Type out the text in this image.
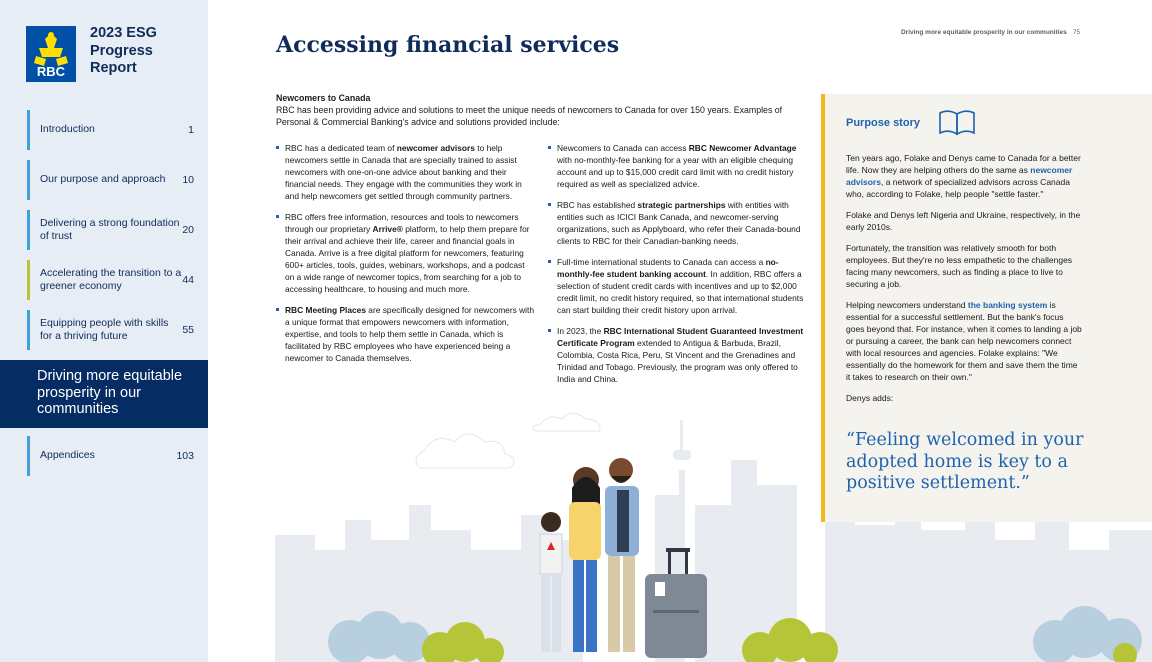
RBC
2023 ESG Progress Report
Introduction	1
Our purpose and approach	10
Delivering a strong foundation of trust	20
Accelerating the transition to a greener economy	44
Equipping people with skills for a thriving future	55
Driving more equitable prosperity in our communities
Appendices	103
Accessing financial services	Driving more equitable prosperity in our communities 75
Newcomers to Canada
RBC has been providing advice and solutions to meet the unique needs of newcomers to Canada for over 150 years. Examples of Personal & Commercial Banking's advice and solutions provided include:
RBC has a dedicated team of newcomer advisors to help newcomers settle in Canada that are specially trained to assist newcomers with one-on-one advice about banking and their financial needs. They engage with the communities they work in and help newcomers get settled through community partners.
RBC offers free information, resources and tools to newcomers through our proprietary Arrive® platform, to help them prepare for their arrival and achieve their life, career and financial goals in Canada. Arrive is a free digital platform for newcomers, featuring 600+ articles, tools, guides, webinars, workshops, and a podcast on a wide range of newcomer topics, from searching for a job to accessing healthcare, to housing and much more.
RBC Meeting Places are specifically designed for newcomers with a unique format that empowers newcomers with information, expertise, and tools to help them settle in Canada, which is facilitated by RBC employees who have experienced being a newcomer to Canada themselves.
Newcomers to Canada can access RBC Newcomer Advantage with no-monthly-fee banking for a year with an eligible chequing account and up to $15,000 credit card limit with no credit history required as well as specialized advice.
RBC has established strategic partnerships with entities with entities such as ICICI Bank Canada, and newcomer-serving organizations, such as Applyboard, who refer their Canada-bound clients to RBC for their Canadian-banking needs.
Full-time international students to Canada can access a no-monthly-fee student banking account. In addition, RBC offers a selection of student credit cards with incentives and up to $2,000 credit limit, no credit history required, so that international students can start building their credit history upon arrival.
In 2023, the RBC International Student Guaranteed Investment Certificate Program extended to Antigua & Barbuda, Brazil, Colombia, Costa Rica, Peru, St Vincent and the Grenadines and Trinidad and Tobago. Previously, the program was only offered to India and China.
Purpose story

Ten years ago, Folake and Denys came to Canada for a better life. Now they are helping others do the same as newcomer advisors, a network of specialized advisors across Canada who, according to Folake, help people "settle faster."

Folake and Denys left Nigeria and Ukraine, respectively, in the early 2010s.

Fortunately, the transition was relatively smooth for both employees. But they're no less empathetic to the challenges facing many newcomers, such as finding a place to live to securing a job.

Helping newcomers understand the banking system is essential for a successful settlement. But the bank's focus goes beyond that. For instance, when it comes to landing a job or pursuing a career, the bank can help newcomers connect with local resources and agencies. Folake explains: "We essentially do the homework for them and save them the time it takes to research on their own."

Denys adds:

“Feeling welcomed in your adopted home is key to a positive settlement.”
